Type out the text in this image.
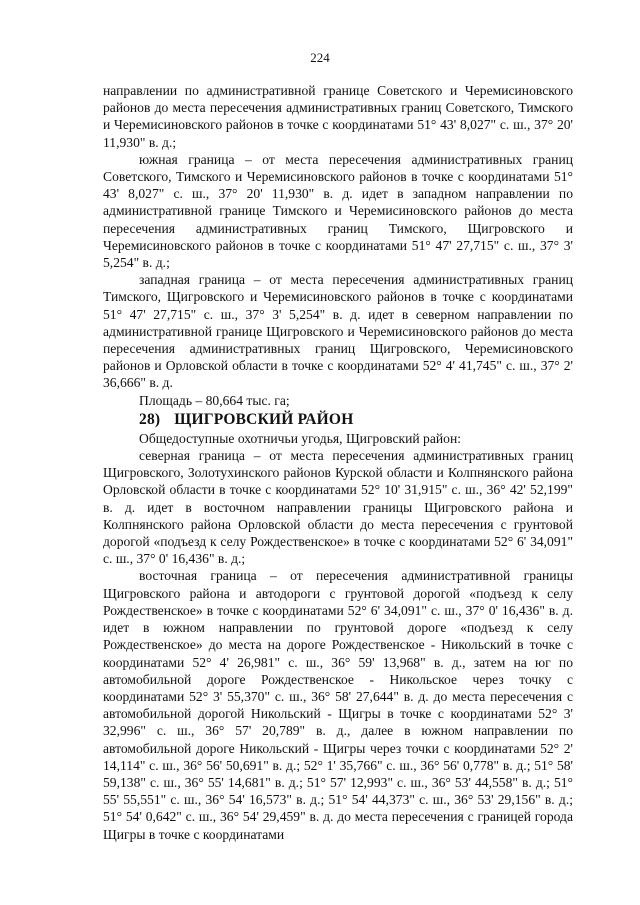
224

направлении по административной границе Советского и Черемисиновского районов до места пересечения административных границ Советского, Тимского и Черемисиновского районов в точке с координатами 51° 43' 8,027" с. ш., 37° 20' 11,930" в. д.;

южная граница – от места пересечения административных границ Советского, Тимского и Черемисиновского районов в точке с координатами 51° 43' 8,027" с. ш., 37° 20' 11,930" в. д. идет в западном направлении по административной границе Тимского и Черемисиновского районов до места пересечения административных границ Тимского, Щигровского и Черемисиновского районов в точке с координатами 51° 47' 27,715" с. ш., 37° 3' 5,254" в. д.;

западная граница – от места пересечения административных границ Тимского, Щигровского и Черемисиновского районов в точке с координатами 51° 47' 27,715" с. ш., 37° 3' 5,254" в. д. идет в северном направлении по административной границе Щигровского и Черемисиновского районов до места пересечения административных границ Щигровского, Черемисиновского районов и Орловской области в точке с координатами 52° 4' 41,745" с. ш., 37° 2' 36,666" в. д.

Площадь – 80,664 тыс. га;

28) ЩИГРОВСКИЙ РАЙОН

Общедоступные охотничьи угодья, Щигровский район:

северная граница – от места пересечения административных границ Щигровского, Золотухинского районов Курской области и Колпнянского района Орловской области в точке с координатами 52° 10' 31,915" с. ш., 36° 42' 52,199" в. д. идет в восточном направлении границы Щигровского района и Колпнянского района Орловской области до места пересечения с грунтовой дорогой «подъезд к селу Рождественское» в точке с координатами 52° 6' 34,091" с. ш., 37° 0' 16,436" в. д.;

восточная граница – от пересечения административной границы Щигровского района и автодороги с грунтовой дорогой «подъезд к селу Рождественское» в точке с координатами 52° 6' 34,091" с. ш., 37° 0' 16,436" в. д. идет в южном направлении по грунтовой дороге «подъезд к селу Рождественское» до места на дороге Рождественское - Никольский в точке с координатами 52° 4' 26,981" с. ш., 36° 59' 13,968" в. д., затем на юг по автомобильной дороге Рождественское - Никольское через точку с координатами 52° 3' 55,370" с. ш., 36° 58' 27,644" в. д. до места пересечения с автомобильной дорогой Никольский - Щигры в точке с координатами 52° 3' 32,996" с. ш., 36° 57' 20,789" в. д., далее в южном направлении по автомобильной дороге Никольский - Щигры через точки с координатами 52° 2' 14,114" с. ш., 36° 56' 50,691" в. д.; 52° 1' 35,766" с. ш., 36° 56' 0,778" в. д.; 51° 58' 59,138" с. ш., 36° 55' 14,681" в. д.; 51° 57' 12,993" с. ш., 36° 53' 44,558" в. д.; 51° 55' 55,551" с. ш., 36° 54' 16,573" в. д.; 51° 54' 44,373" с. ш., 36° 53' 29,156" в. д.; 51° 54' 0,642" с. ш., 36° 54' 29,459" в. д. до места пересечения с границей города Щигры в точке с координатами
